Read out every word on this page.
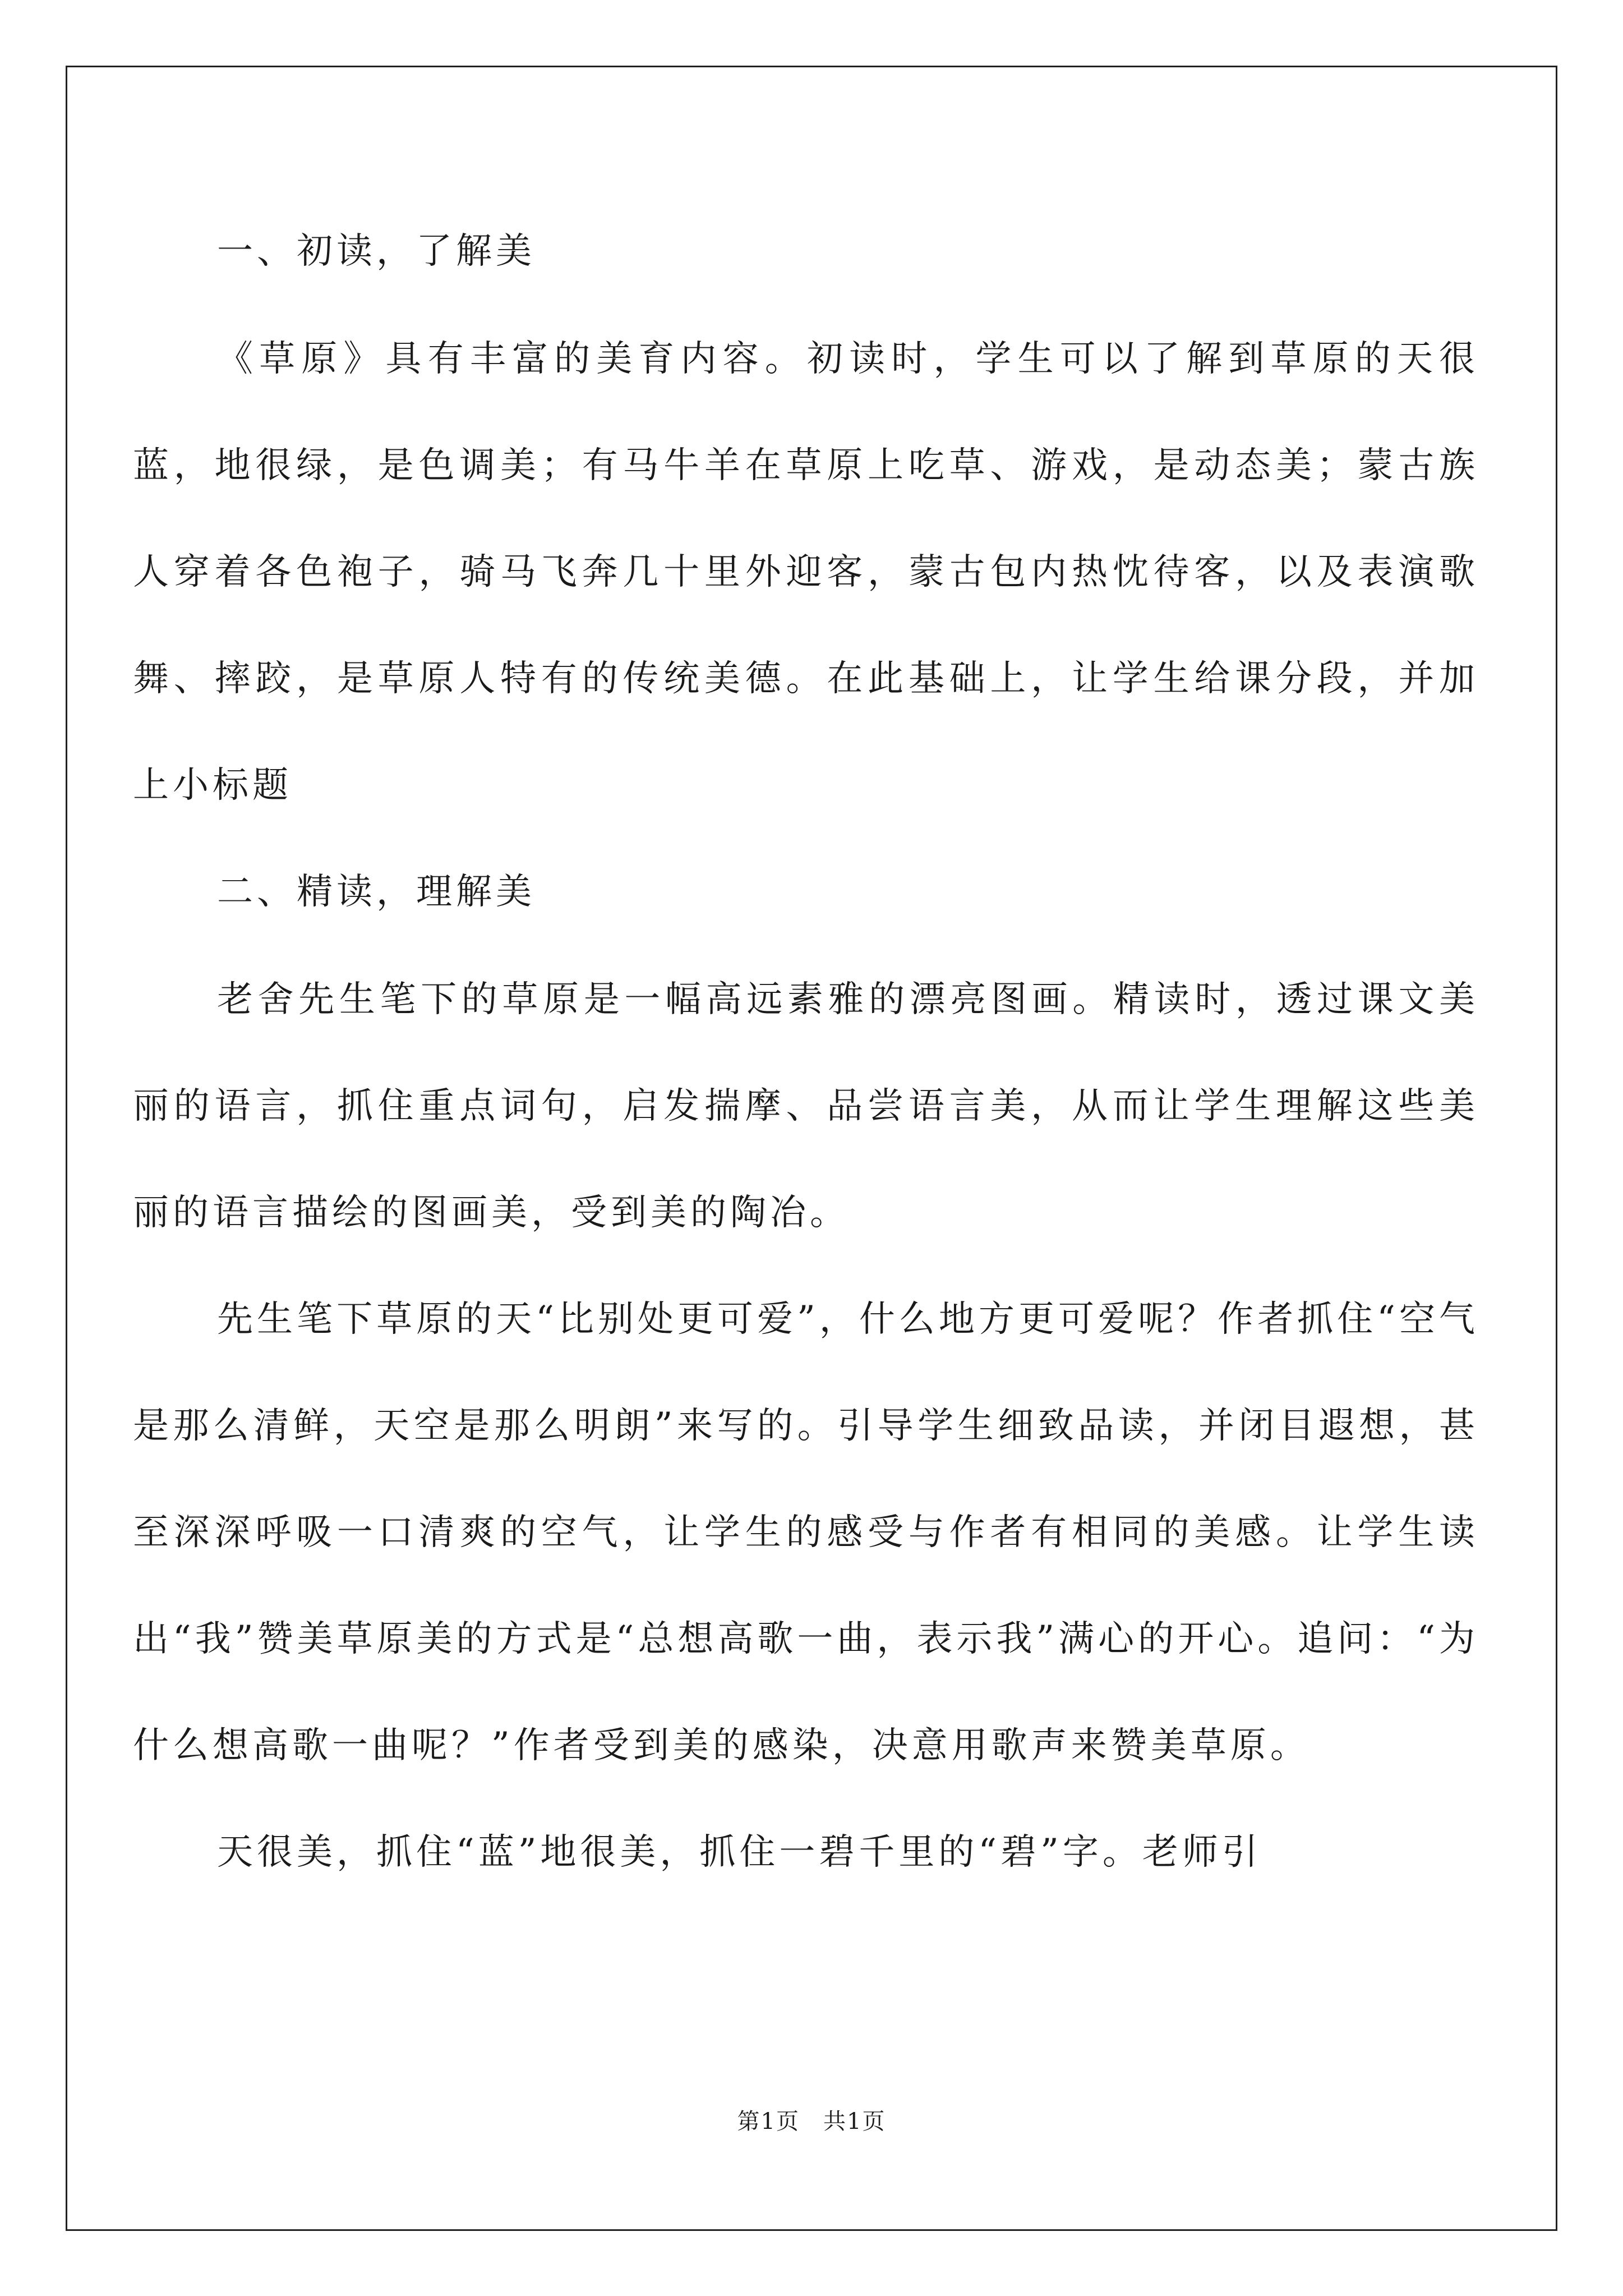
一、初读，了解美

《草原》具有丰富的美育内容。初读时，学生可以了解到草原的天很蓝，地很绿，是色调美；有马牛羊在草原上吃草、游戏，是动态美；蒙古族人穿着各色袍子，骑马飞奔几十里外迎客，蒙古包内热忱待客，以及表演歌舞、摔跤，是草原人特有的传统美德。在此基础上，让学生给课分段，并加上小标题

二、精读，理解美

老舍先生笔下的草原是一幅高远素雅的漂亮图画。精读时，透过课文美丽的语言，抓住重点词句，启发揣摩、品尝语言美，从而让学生理解这些美丽的语言描绘的图画美，受到美的陶冶。

先生笔下草原的天“比别处更可爱”，什么地方更可爱呢？作者抓住“空气是那么清鲜，天空是那么明朗”来写的。引导学生细致品读，并闭目遐想，甚至深深呼吸一口清爽的空气，让学生的感受与作者有相同的美感。让学生读出“我”赞美草原美的方式是“总想高歌一曲，表示我”满心的开心。追问：“为什么想高歌一曲呢？”作者受到美的感染，决意用歌声来赞美草原。

天很美，抓住“蓝”地很美，抓住一碧千里的“碧”字。老师引

第1页　共1页
